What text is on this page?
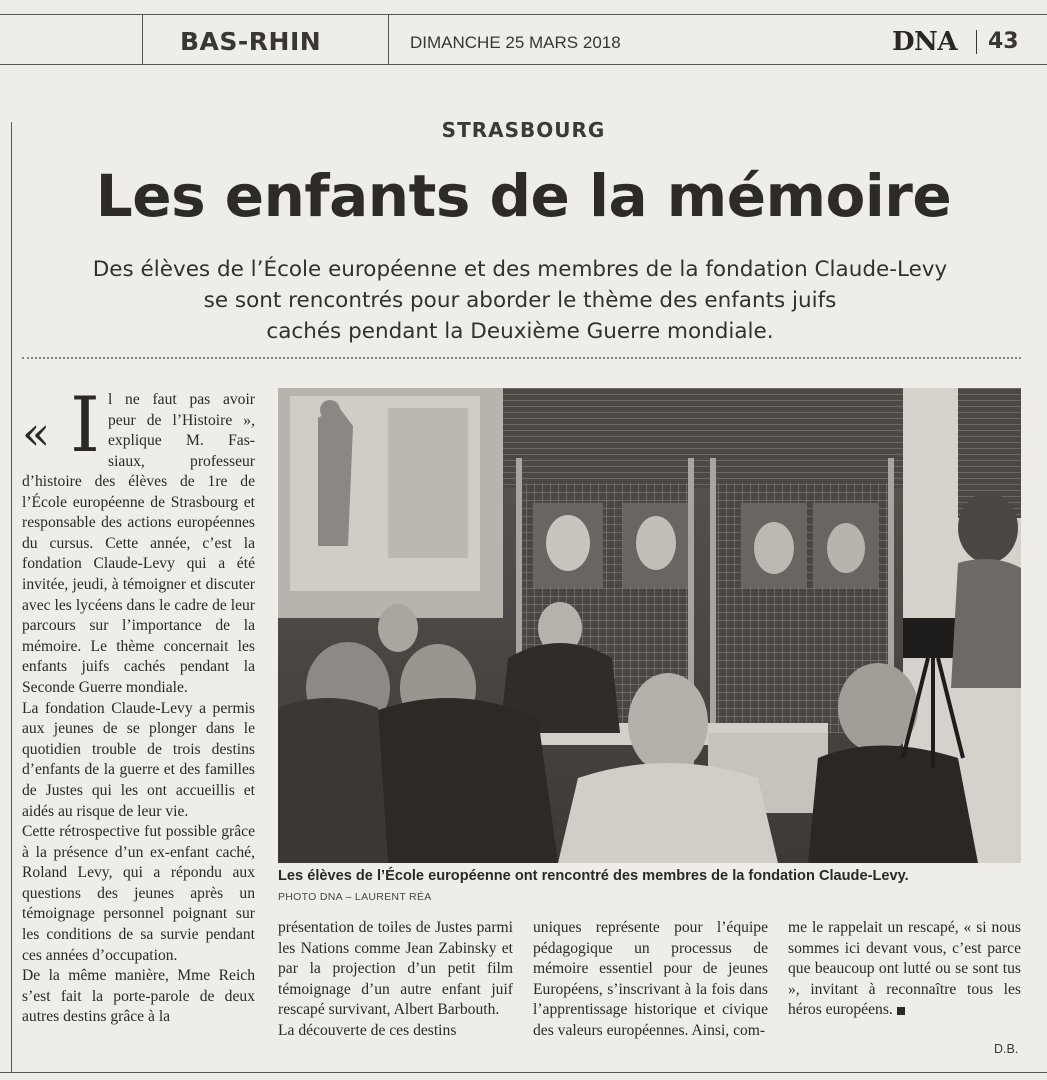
BAS-RHIN	DIMANCHE 25 MARS 2018	DNA 43
STRASBOURG
Les enfants de la mémoire
Des élèves de l’École européenne et des membres de la fondation Claude-Levy
se sont rencontrés pour aborder le thème des enfants juifs
cachés pendant la Deuxième Guerre mondiale.
« I l ne faut pas avoir
peur de l’Histoire »,
explique M. Fas-
siaux, professeur

d’histoire des élèves de 1re de l’École européenne de Strasbourg et responsable des actions européennes du cursus. Cette année, c’est la fondation Claude-Levy qui a été invitée, jeudi, à témoigner et discuter avec les lycéens dans le cadre de leur parcours sur l’importance de la mémoire. Le thème concernait les enfants juifs cachés pendant la Seconde Guerre mondiale.

La fondation Claude-Levy a permis aux jeunes de se plonger dans le quotidien trouble de trois destins d’enfants de la guerre et des familles de Justes qui les ont accueillis et aidés au risque de leur vie.

Cette rétrospective fut possible grâce à la présence d’un ex-enfant caché, Roland Levy, qui a répondu aux questions des jeunes après un témoignage personnel poignant sur les conditions de sa survie pendant ces années d’occupation.

De la même manière, Mme Reich s’est fait la porte-parole de deux autres destins grâce à la

Les élèves de l’École européenne ont rencontré des membres de la fondation Claude-Levy.
PHOTO DNA – LAURENT RÉA

présentation de toiles de Justes parmi les Nations comme Jean Zabinsky et par la projection d’un petit film témoignage d’un autre enfant juif rescapé survivant, Albert Barbouth.

La découverte de ces destins

uniques représente pour l’équipe pédagogique un processus de mémoire essentiel pour de jeunes Européens, s’inscrivant à la fois dans l’apprentissage historique et civique des valeurs européennes. Ainsi, com-

me le rappelait un rescapé, « si nous sommes ici devant vous, c’est parce que beaucoup ont lutté ou se sont tus », invitant à reconnaître tous les héros européens.

D.B.
